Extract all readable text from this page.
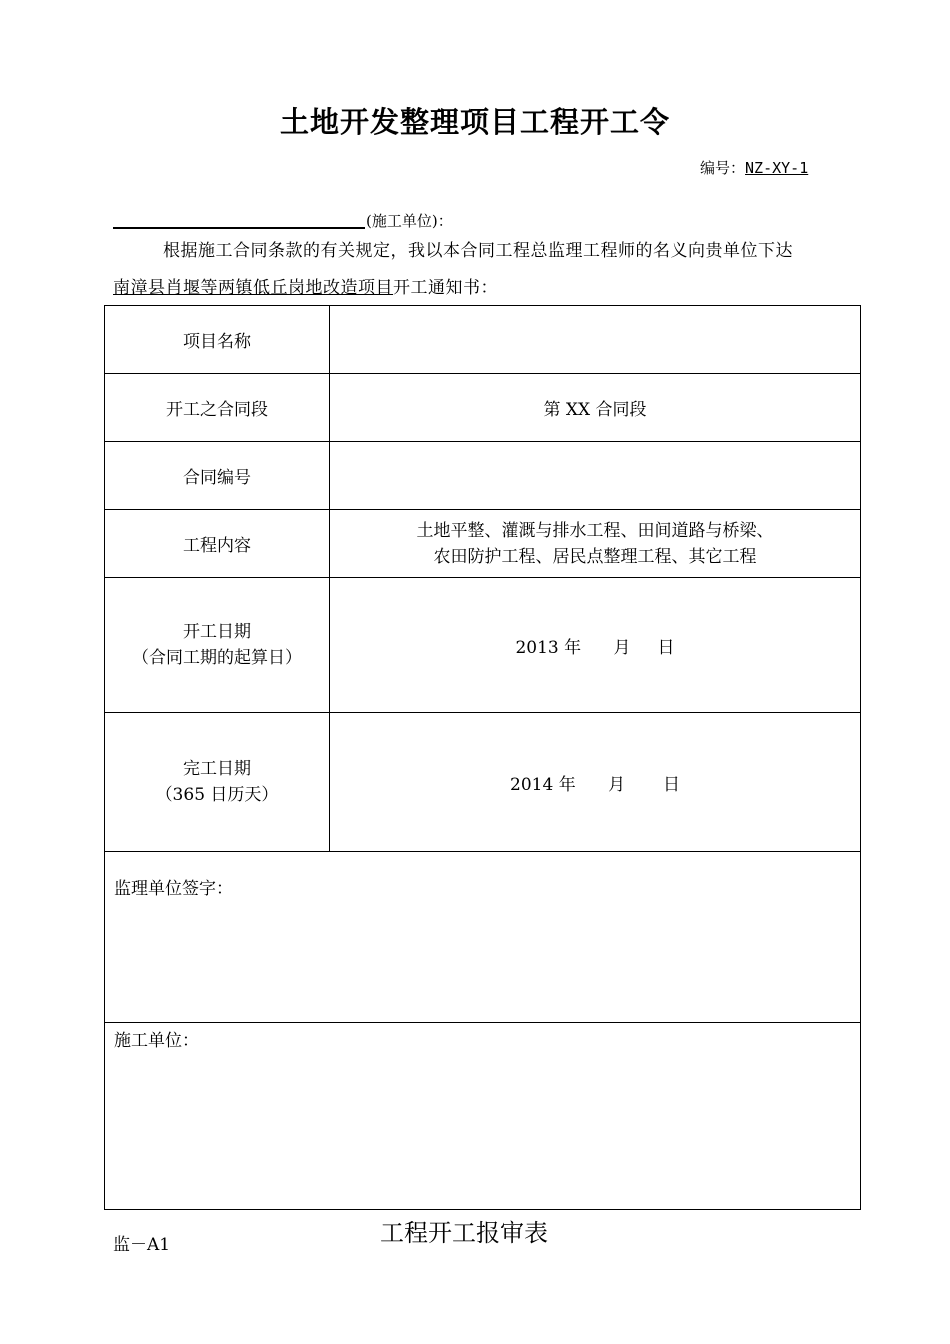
土地开发整理项目工程开工令
编号：NZ-XY-1
(施工单位)：
根据施工合同条款的有关规定，我以本合同工程总监理工程师的名义向贵单位下达
南漳县肖堰等两镇低丘岗地改造项目开工通知书：
项目名称	
开工之合同段	第 XX 合同段
合同编号	
工程内容	土地平整、灌溉与排水工程、田间道路与桥梁、
农田防护工程、居民点整理工程、其它工程

开工日期
（合同工期的起算日）	2013 年      月     日

完工日期
（365 日历天）	2014 年      月       日
监理单位签字：	
施工单位：	
监－A1	工程开工报审表
